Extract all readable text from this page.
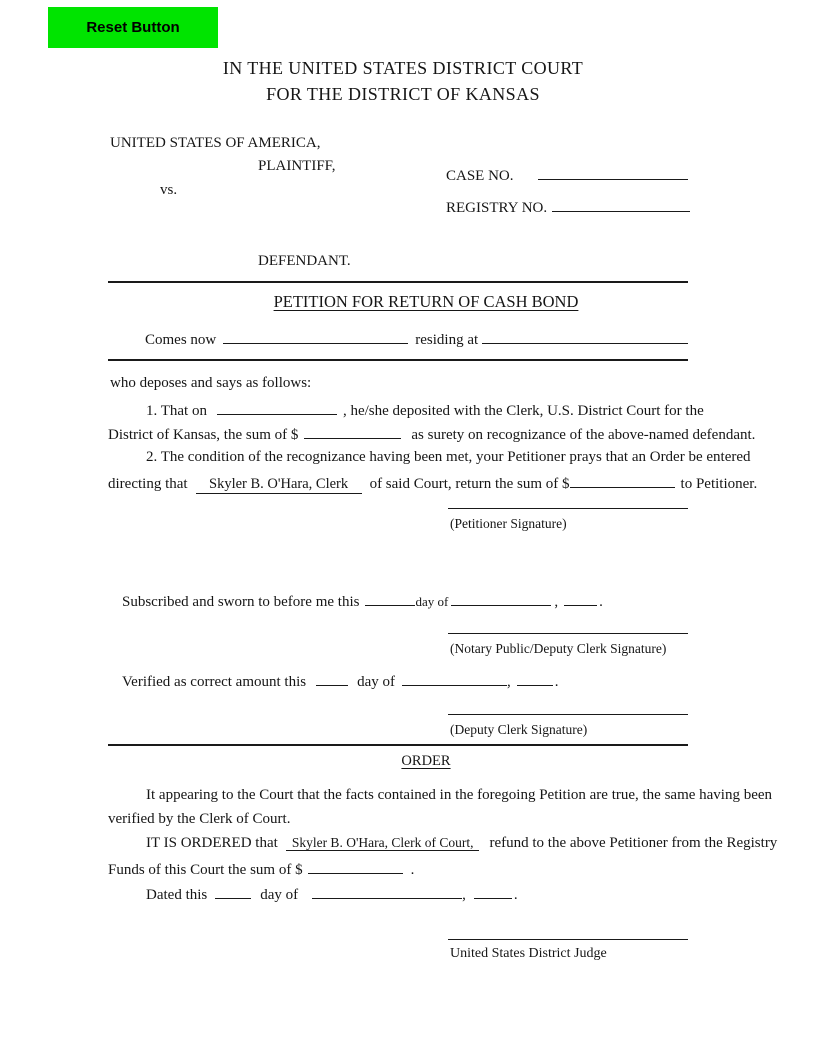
Reset Button
IN THE UNITED STATES DISTRICT COURT
FOR THE DISTRICT OF KANSAS
UNITED STATES OF AMERICA,
PLAINTIFF,
CASE NO.
vs.
REGISTRY NO.
DEFENDANT.
PETITION FOR RETURN OF CASH BOND
Comes now	residing at
who deposes and says as follows:
1. That on	, he/she deposited with the Clerk, U.S. District Court for the
District of Kansas, the sum of $	as surety on recognizance of the above-named defendant.
2. The condition of the recognizance having been met, your Petitioner prays that an Order be entered
directing that Skyler B. O'Hara, Clerk of said Court, return the sum of $	to Petitioner.
(Petitioner Signature)
Subscribed and sworn to before me this	day of	,	.
(Notary Public/Deputy Clerk Signature)
Verified as correct amount this	day of	,	.
(Deputy Clerk Signature)
ORDER
It appearing to the Court that the facts contained in the foregoing Petition are true, the same having been
verified by the Clerk of Court.
IT IS ORDERED that Skyler B. O'Hara, Clerk of Court, refund to the above Petitioner from the Registry
Funds of this Court the sum of $	.
Dated this	day of	,	.
United States District Judge
